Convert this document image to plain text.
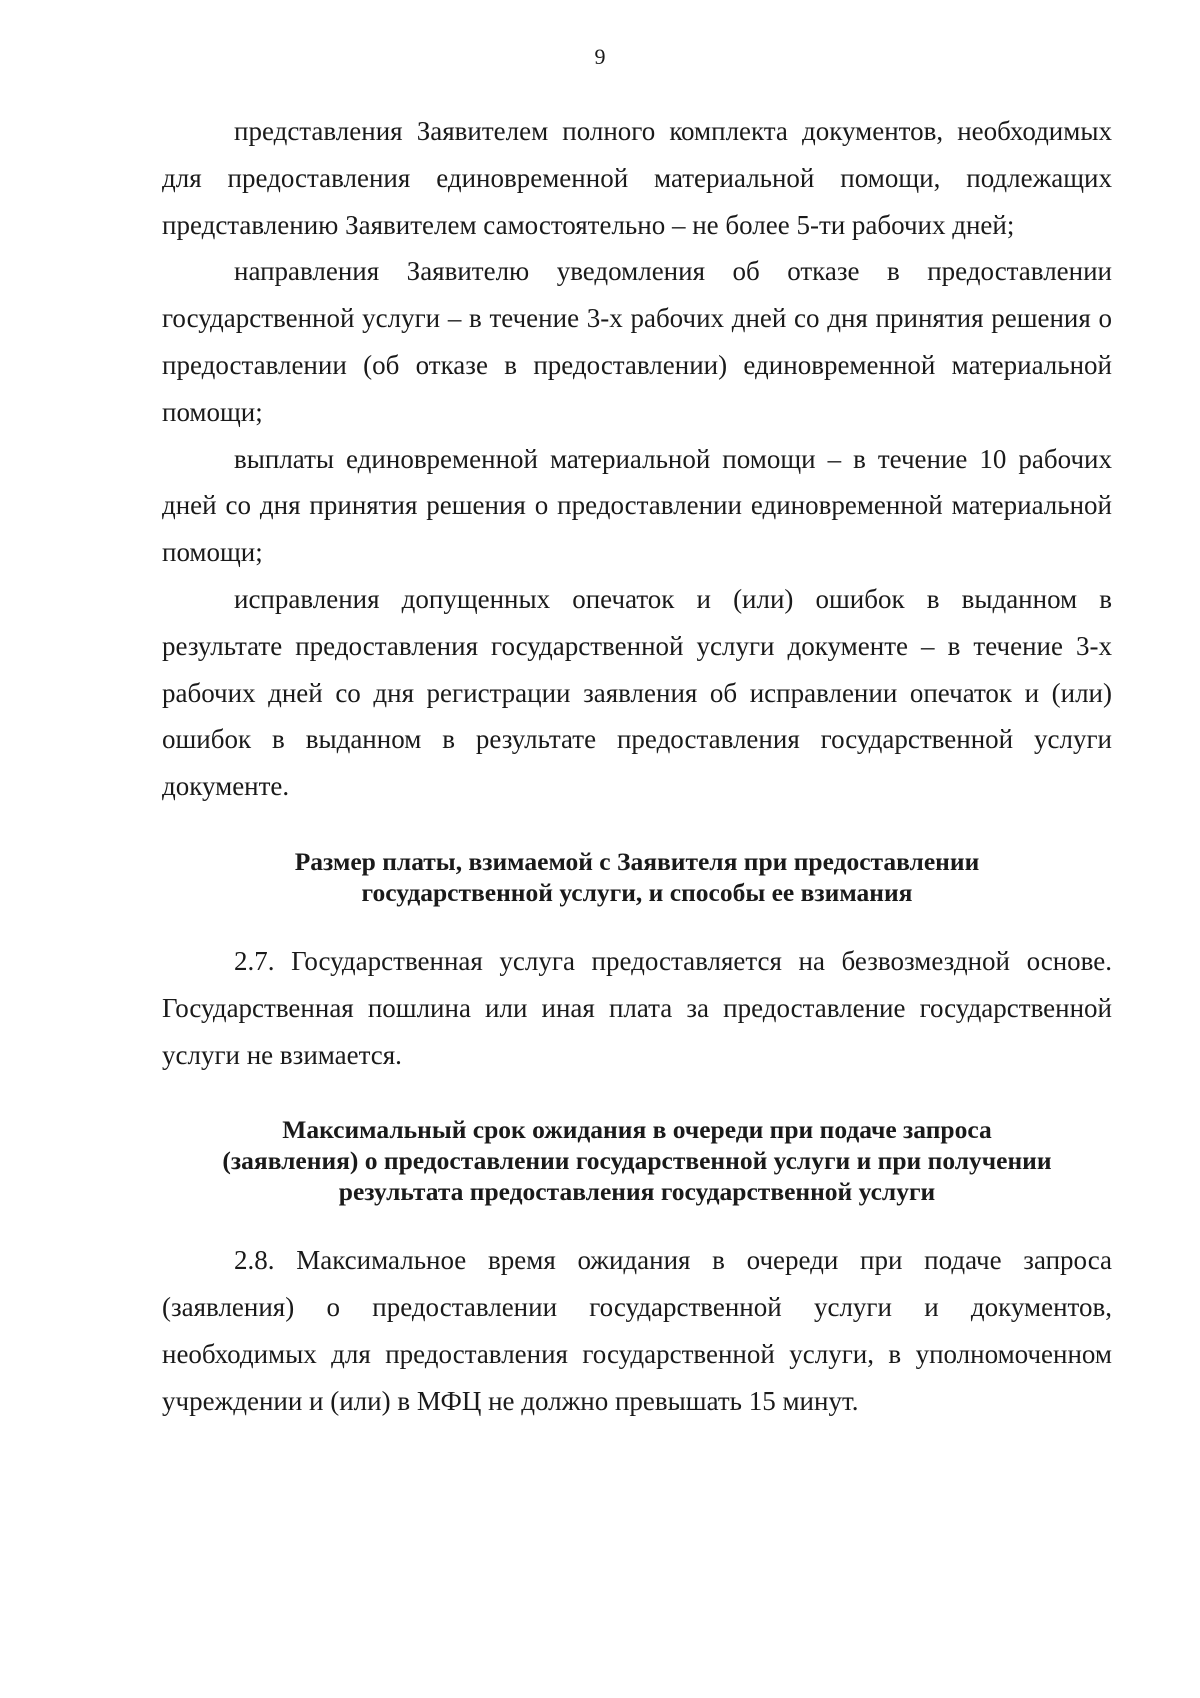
9

представления Заявителем полного комплекта документов, необходимых для предоставления единовременной материальной помощи, подлежащих представлению Заявителем самостоятельно – не более 5-ти рабочих дней;

направления Заявителю уведомления об отказе в предоставлении государственной услуги – в течение 3-х рабочих дней со дня принятия решения о предоставлении (об отказе в предоставлении) единовременной материальной помощи;

выплаты единовременной материальной помощи – в течение 10 рабочих дней со дня принятия решения о предоставлении единовременной материальной помощи;

исправления допущенных опечаток и (или) ошибок в выданном в результате предоставления государственной услуги документе – в течение 3-х рабочих дней со дня регистрации заявления об исправлении опечаток и (или) ошибок в выданном в результате предоставления государственной услуги документе.

Размер платы, взимаемой с Заявителя при предоставлении
государственной услуги, и способы ее взимания

2.7. Государственная услуга предоставляется на безвозмездной основе. Государственная пошлина или иная плата за предоставление государственной услуги не взимается.

Максимальный срок ожидания в очереди при подаче запроса
(заявления) о предоставлении государственной услуги и при получении
результата предоставления государственной услуги

2.8. Максимальное время ожидания в очереди при подаче запроса (заявления) о предоставлении государственной услуги и документов, необходимых для предоставления государственной услуги, в уполномоченном учреждении и (или) в МФЦ не должно превышать 15 минут.
